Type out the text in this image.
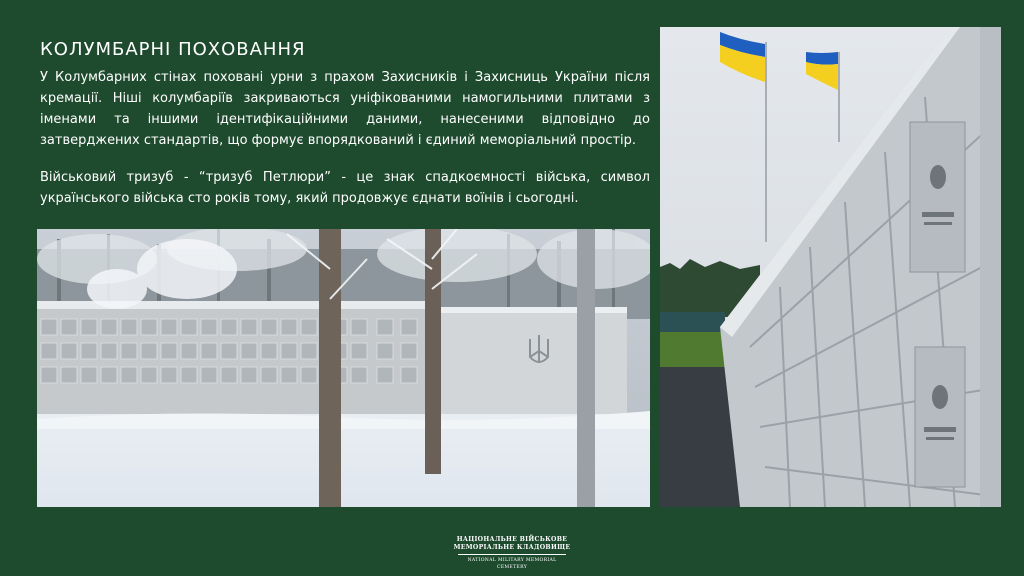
КОЛУМБАРНІ ПОХОВАННЯ

У Колумбарних стінах поховані урни з прахом Захисників і Захисниць України після кремації. Ніші колумбаріїв закриваються уніфікованими намогильними плитами з іменами та іншими ідентифікаційними даними, нанесеними відповідно до затверджених стандартів, що формує впорядкований і єдиний меморіальний простір.

Військовий тризуб - “тризуб Петлюри” - це знак спадкоємності війська, символ українського війська сто років тому, який продовжує єднати воїнів і сьогодні.

НАЦІОНАЛЬНЕ ВІЙСЬКОВЕ
МЕМОРІАЛЬНЕ КЛАДОВИЩЕ
NATIONAL MILITARY MEMORIAL CEMETERY
